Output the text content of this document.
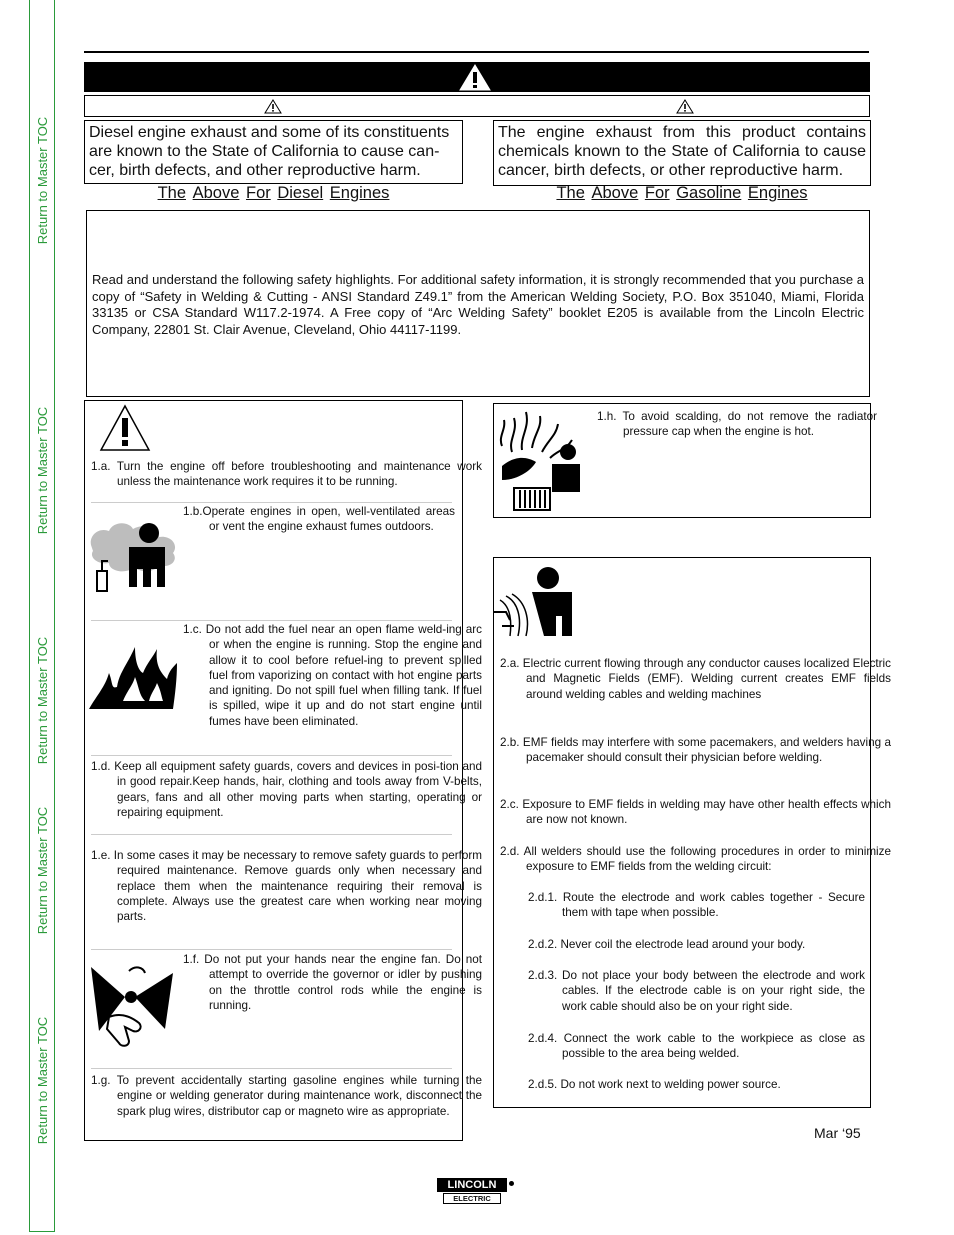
Return to Master TOC
Return to Master TOC
Return to Master TOC
Return to Master TOC
Return to Master TOC
Diesel engine exhaust and some of its constituents are known to the State of California to cause can-cer, birth defects, and other reproductive harm.
The Above For Diesel Engines
The engine exhaust from this product contains chemicals known to the State of California to cause cancer, birth defects, or other reproductive harm.
The Above For Gasoline Engines

Read and understand the following safety highlights. For additional safety information, it is strongly recommended that you purchase a copy of “Safety in Welding & Cutting - ANSI Standard Z49.1” from the American Welding Society, P.O. Box 351040, Miami, Florida 33135 or CSA Standard W117.2-1974. A Free copy of “Arc Welding Safety” booklet E205 is available from the Lincoln Electric Company, 22801 St. Clair Avenue, Cleveland, Ohio 44117-1199.

1.a. Turn the engine off before troubleshooting and maintenance work unless the maintenance work requires it to be running.
1.b.Operate engines in open, well-ventilated areas or vent the engine exhaust fumes outdoors.
1.c. Do not add the fuel near an open flame weld-ing arc or when the engine is running. Stop the engine and allow it to cool before refuel-ing to prevent spilled fuel from vaporizing on contact with hot engine parts and igniting. Do not spill fuel when filling tank. If fuel is spilled, wipe it up and do not start engine until fumes have been eliminated.
1.d. Keep all equipment safety guards, covers and devices in posi-tion and in good repair.Keep hands, hair, clothing and tools away from V-belts, gears, fans and all other moving parts when starting, operating or repairing equipment.
1.e. In some cases it may be necessary to remove safety guards to perform required maintenance. Remove guards only when necessary and replace them when the maintenance requiring their removal is complete. Always use the greatest care when working near moving parts.
1.f. Do not put your hands near the engine fan. Do not attempt to override the governor or idler by pushing on the throttle control rods while the engine is running.
1.g. To prevent accidentally starting gasoline engines while turning the engine or welding generator during maintenance work, disconnect the spark plug wires, distributor cap or magneto wire as appropriate.
1.h. To avoid scalding, do not remove the radiator pressure cap when the engine is hot.
2.a. Electric current flowing through any conductor causes localized Electric and Magnetic Fields (EMF). Welding current creates EMF fields around welding cables and welding machines
2.b. EMF fields may interfere with some pacemakers, and welders having a pacemaker should consult their physician before welding.
2.c. Exposure to EMF fields in welding may have other health effects which are now not known.
2.d. All welders should use the following procedures in order to minimize exposure to EMF fields from the welding circuit:
2.d.1. Route the electrode and work cables together - Secure them with tape when possible.
2.d.2. Never coil the electrode lead around your body.
2.d.3. Do not place your body between the electrode and work cables. If the electrode cable is on your right side, the work cable should also be on your right side.
2.d.4. Connect the work cable to the workpiece as close as possible to the area being welded.
2.d.5. Do not work next to welding power source.
Mar ‘95
LINCOLN
ELECTRIC
